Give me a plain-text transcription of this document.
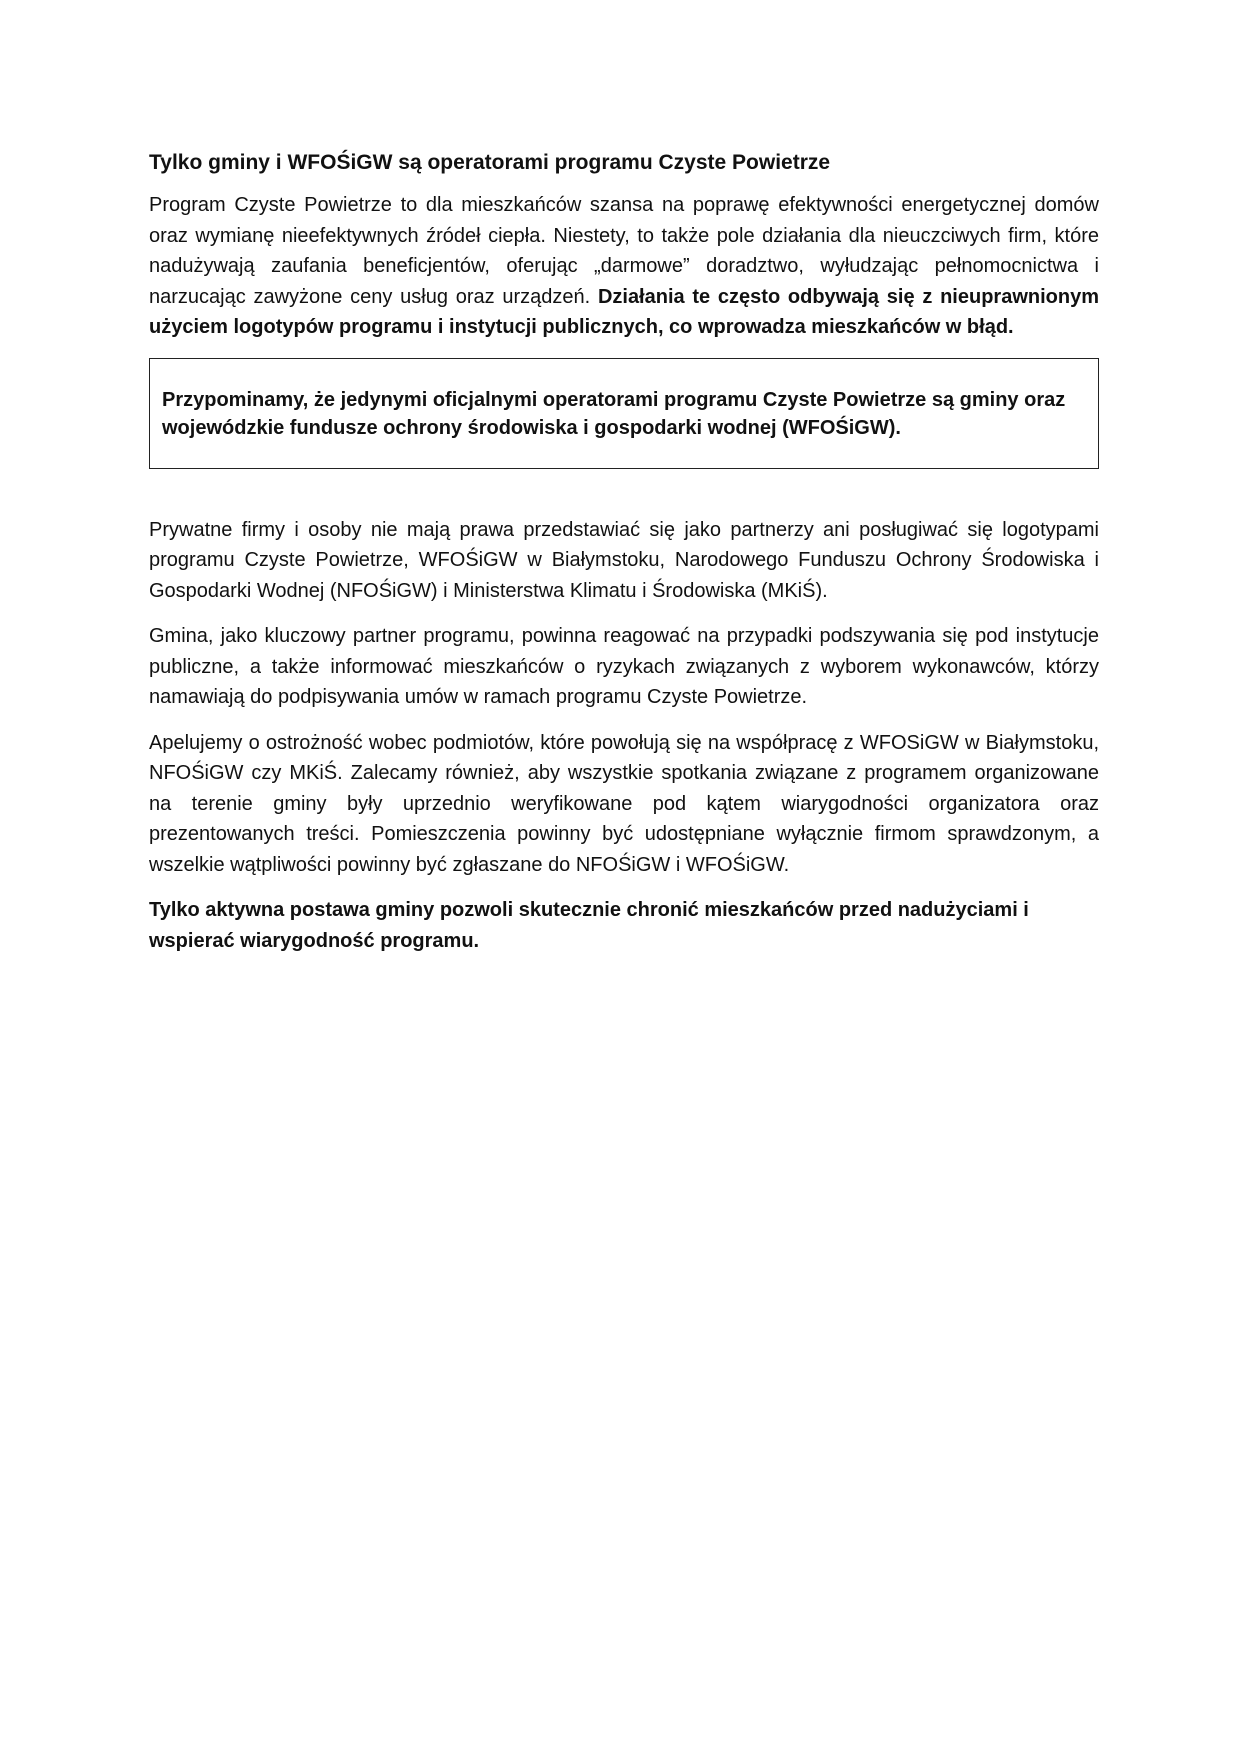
Tylko gminy i WFOŚiGW są operatorami programu Czyste Powietrze

Program Czyste Powietrze to dla mieszkańców szansa na poprawę efektywności energetycznej domów oraz wymianę nieefektywnych źródeł ciepła. Niestety, to także pole działania dla nieuczciwych firm, które nadużywają zaufania beneficjentów, oferując „darmowe” doradztwo, wyłudzając pełnomocnictwa i narzucając zawyżone ceny usług oraz urządzeń. Działania te często odbywają się z nieuprawnionym użyciem logotypów programu i instytucji publicznych, co wprowadza mieszkańców w błąd.

Przypominamy, że jedynymi oficjalnymi operatorami programu Czyste Powietrze są gminy oraz wojewódzkie fundusze ochrony środowiska i gospodarki wodnej (WFOŚiGW).

Prywatne firmy i osoby nie mają prawa przedstawiać się jako partnerzy ani posługiwać się logotypami programu Czyste Powietrze, WFOŚiGW w Białymstoku, Narodowego Funduszu Ochrony Środowiska i Gospodarki Wodnej (NFOŚiGW) i Ministerstwa Klimatu i Środowiska (MKiŚ).

Gmina, jako kluczowy partner programu, powinna reagować na przypadki podszywania się pod instytucje publiczne, a także informować mieszkańców o ryzykach związanych z wyborem wykonawców, którzy namawiają do podpisywania umów w ramach programu Czyste Powietrze.

Apelujemy o ostrożność wobec podmiotów, które powołują się na współpracę z WFOSiGW w Białymstoku, NFOŚiGW czy MKiŚ. Zalecamy również, aby wszystkie spotkania związane z programem organizowane na terenie gminy były uprzednio weryfikowane pod kątem wiarygodności organizatora oraz prezentowanych treści. Pomieszczenia powinny być udostępniane wyłącznie firmom sprawdzonym, a wszelkie wątpliwości powinny być zgłaszane do NFOŚiGW i WFOŚiGW.

Tylko aktywna postawa gminy pozwoli skutecznie chronić mieszkańców przed nadużyciami i wspierać wiarygodność programu.
